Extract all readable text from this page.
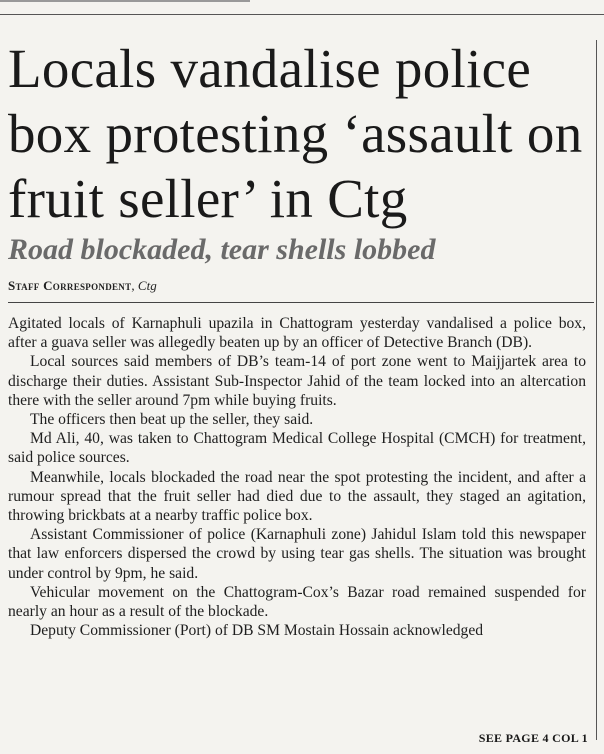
Locals vandalise police box protesting ‘assault on fruit seller’ in Ctg
Road blockaded, tear shells lobbed
Staff Correspondent, Ctg

Agitated locals of Karnaphuli upazila in Chattogram yesterday vandalised a police box, after a guava seller was allegedly beaten up by an officer of Detective Branch (DB).

Local sources said members of DB’s team-14 of port zone went to Maijjartek area to discharge their duties. Assistant Sub-Inspector Jahid of the team locked into an altercation there with the seller around 7pm while buying fruits.

The officers then beat up the seller, they said.

Md Ali, 40, was taken to Chattogram Medical College Hospital (CMCH) for treatment, said police sources.

Meanwhile, locals blockaded the road near the spot protesting the incident, and after a rumour spread that the fruit seller had died due to the assault, they staged an agitation, throwing brickbats at a nearby traffic police box.

Assistant Commissioner of police (Karnaphuli zone) Jahidul Islam told this newspaper that law enforcers dispersed the crowd by using tear gas shells. The situation was brought under control by 9pm, he said.

Vehicular movement on the Chattogram-Cox’s Bazar road remained suspended for nearly an hour as a result of the blockade.

Deputy Commissioner (Port) of DB SM Mostain Hossain acknowledged

SEE PAGE 4 COL 1
